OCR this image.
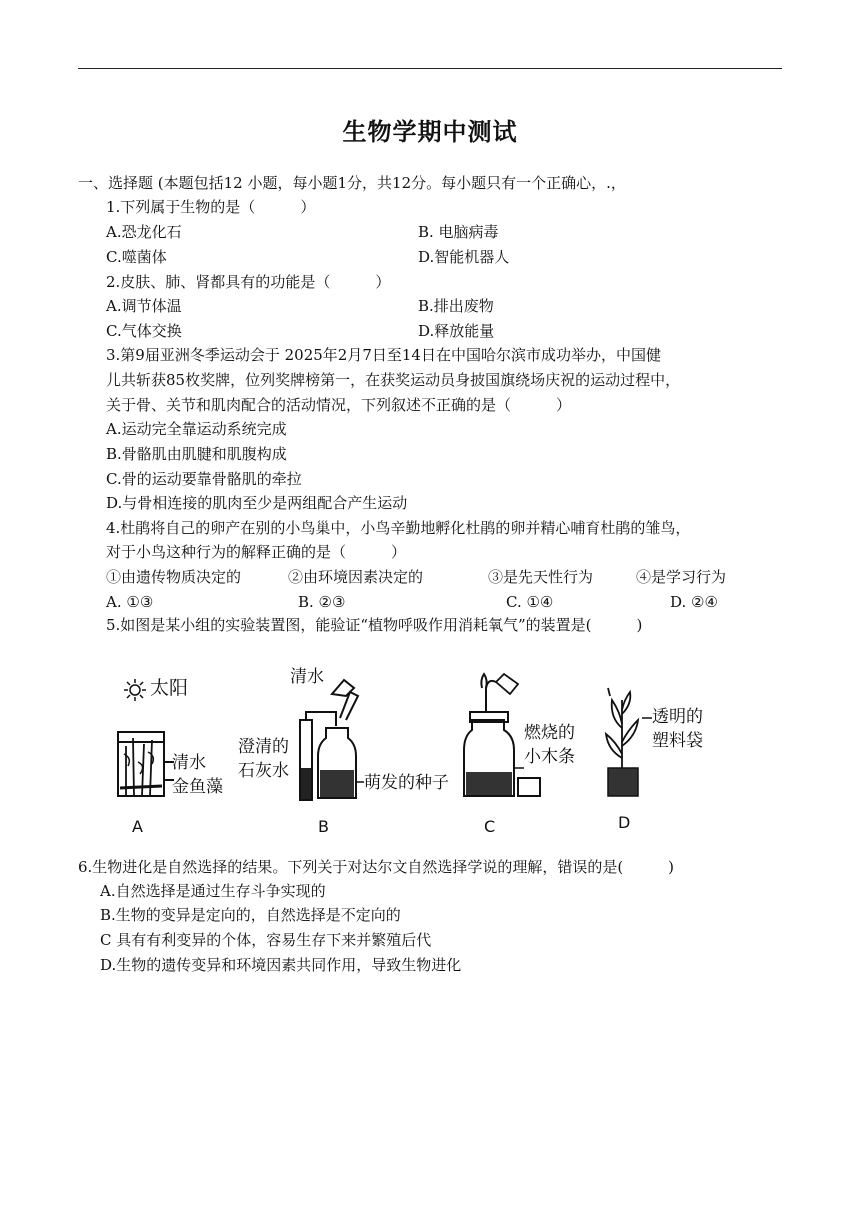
生物学期中测试
一、选择题 (本题包括12 小题，每小题1分，共12分。每小题只有一个正确心，.，
1.下列属于生物的是（　　　）
A.恐龙化石	B. 电脑病毒
C.噬菌体	D.智能机器人
2.皮肤、肺、肾都具有的功能是（　　　）
A.调节体温	B.排出废物
C.气体交换	D.释放能量
3.第9届亚洲冬季运动会于 2025年2月7日至14日在中国哈尔滨市成功举办，中国健
儿共斩获85枚奖牌，位列奖牌榜第一，在获奖运动员身披国旗绕场庆祝的运动过程中，
关于骨、关节和肌肉配合的活动情况，下列叙述不正确的是（　　　）
A.运动完全靠运动系统完成
B.骨骼肌由肌腱和肌腹构成
C.骨的运动要靠骨骼肌的牵拉
D.与骨相连接的肌肉至少是两组配合产生运动
4.杜鹃将自己的卵产在别的小鸟巢中，小鸟辛勤地孵化杜鹃的卵并精心哺育杜鹃的雏鸟，
对于小鸟这种行为的解释正确的是（　　　）
①由遗传物质决定的	②由环境因素决定的	③是先天性行为	④是学习行为
A. ①③	B. ②③	C. ①④	D. ②④
5.如图是某小组的实验装置图，能验证“植物呼吸作用消耗氧气”的装置是(　　　)
太阳
清水
金鱼藻
A
清水
澄清的
石灰水
萌发的种子
B
燃烧的
小木条
C
透明的
塑料袋
D
6.生物进化是自然选择的结果。下列关于对达尔文自然选择学说的理解，错误的是(　　　)
A.自然选择是通过生存斗争实现的
B.生物的变异是定向的，自然选择是不定向的
C 具有有利变异的个体，容易生存下来并繁殖后代
D.生物的遗传变异和环境因素共同作用，导致生物进化
